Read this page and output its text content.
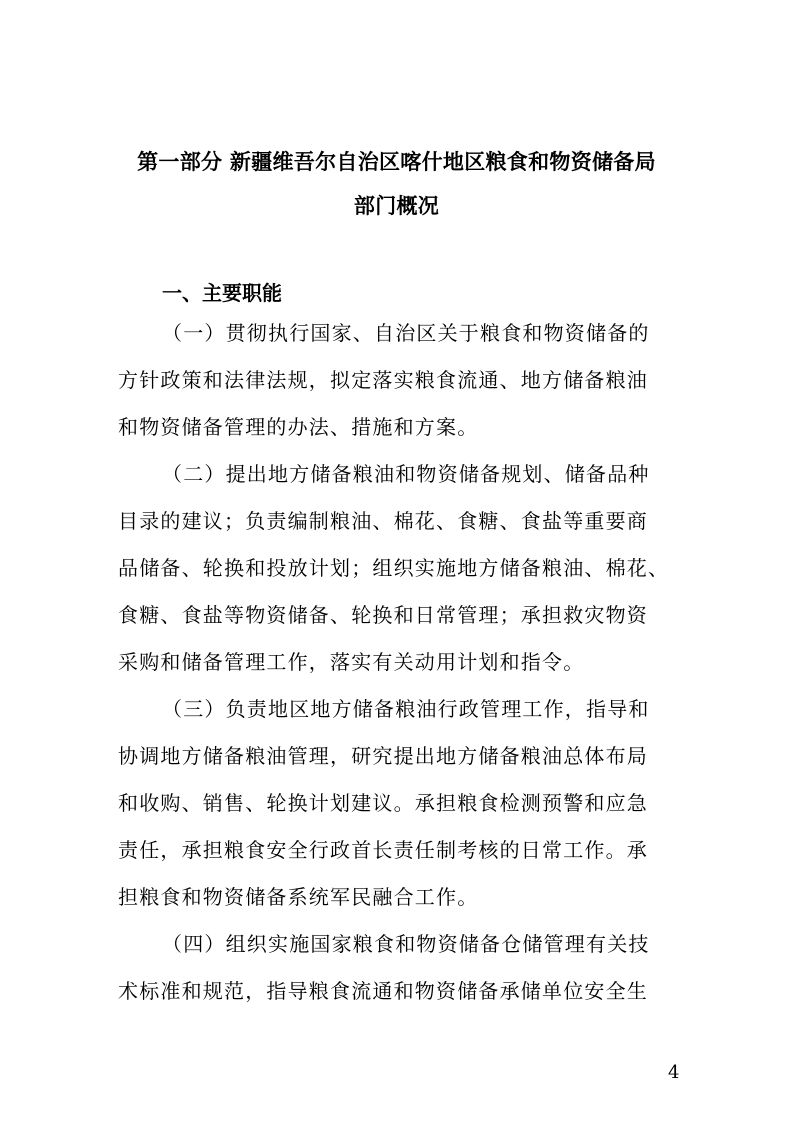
第一部分 新疆维吾尔自治区喀什地区粮食和物资储备局
部门概况
一、主要职能
（一）贯彻执行国家、自治区关于粮食和物资储备的
方针政策和法律法规，拟定落实粮食流通、地方储备粮油
和物资储备管理的办法、措施和方案。
（二）提出地方储备粮油和物资储备规划、储备品种
目录的建议；负责编制粮油、棉花、食糖、食盐等重要商
品储备、轮换和投放计划；组织实施地方储备粮油、棉花、
食糖、食盐等物资储备、轮换和日常管理；承担救灾物资
采购和储备管理工作，落实有关动用计划和指令。
（三）负责地区地方储备粮油行政管理工作，指导和
协调地方储备粮油管理，研究提出地方储备粮油总体布局
和收购、销售、轮换计划建议。承担粮食检测预警和应急
责任，承担粮食安全行政首长责任制考核的日常工作。承
担粮食和物资储备系统军民融合工作。
（四）组织实施国家粮食和物资储备仓储管理有关技
术标准和规范，指导粮食流通和物资储备承储单位安全生
4
